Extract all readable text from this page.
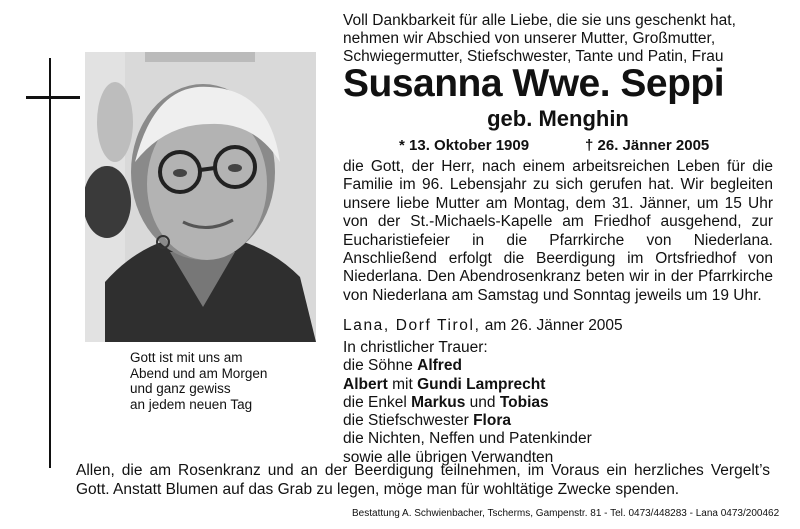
Gott ist mit uns am
Abend und am Morgen
und ganz gewiss
an jedem neuen Tag
Voll Dankbarkeit für alle Liebe, die sie uns geschenkt hat,
nehmen wir Abschied von unserer Mutter, Großmutter,
Schwiegermutter, Stiefschwester, Tante und Patin, Frau
Susanna Wwe. Seppi
geb. Menghin
* 13. Oktober 1909	† 26. Jänner 2005
die Gott, der Herr, nach einem arbeitsreichen Leben für die Familie im 96. Lebensjahr zu sich gerufen hat. Wir begleiten unsere liebe Mutter am Montag, dem 31. Jänner, um 15 Uhr von der St.-Michaels-Kapelle am Friedhof ausgehend, zur Eucharistiefeier in die Pfarrkirche von Niederlana. Anschließend erfolgt die Beerdigung im Ortsfriedhof von Niederlana. Den Abendrosenkranz beten wir in der Pfarrkirche von Niederlana am Samstag und Sonntag jeweils um 19 Uhr.
Lana, Dorf Tirol, am 26. Jänner 2005
In christlicher Trauer:
die Söhne Alfred
Albert mit Gundi Lamprecht
die Enkel Markus und Tobias
die Stiefschwester Flora
die Nichten, Neffen und Patenkinder
sowie alle übrigen Verwandten
Allen, die am Rosenkranz und an der Beerdigung teilnehmen, im Voraus ein herzliches Vergelt’s Gott. Anstatt Blumen auf das Grab zu legen, möge man für wohltätige Zwecke spenden.
Bestattung A. Schwienbacher, Tscherms, Gampenstr. 81 - Tel. 0473/448283 - Lana 0473/200462
